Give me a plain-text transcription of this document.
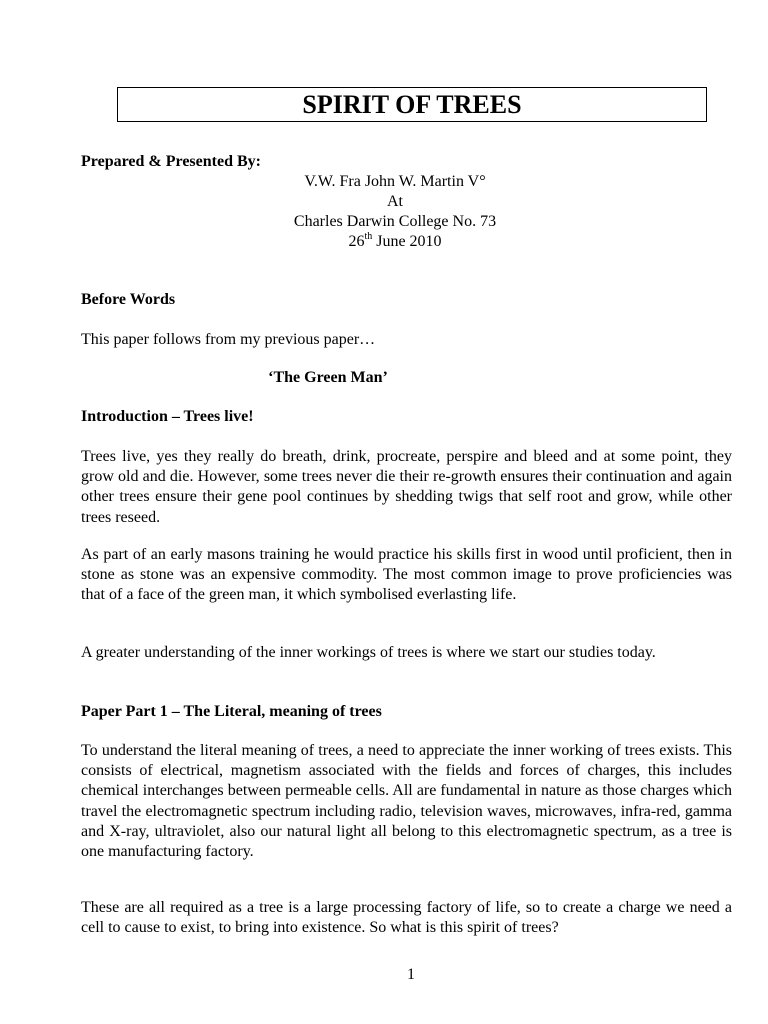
SPIRIT OF TREES
Prepared & Presented By:
V.W. Fra John W. Martin V°
At
Charles Darwin College No. 73
26th June 2010
Before Words
This paper follows from my previous paper…
‘The Green Man’
Introduction – Trees live!
Trees live, yes they really do breath, drink, procreate, perspire and bleed and at some point, they grow old and die. However, some trees never die their re-growth ensures their continuation and again other trees ensure their gene pool continues by shedding twigs that self root and grow, while other trees reseed.
As part of an early masons training he would practice his skills first in wood until proficient, then in stone as stone was an expensive commodity. The most common image to prove proficiencies was that of a face of the green man, it which symbolised everlasting life.
A greater understanding of the inner workings of trees is where we start our studies today.
Paper Part 1 – The Literal, meaning of trees
To understand the literal meaning of trees, a need to appreciate the inner working of trees exists. This consists of electrical, magnetism associated with the fields and forces of charges, this includes chemical interchanges between permeable cells. All are fundamental in nature as those charges which travel the electromagnetic spectrum including radio, television waves, microwaves, infra-red, gamma and X-ray, ultraviolet, also our natural light all belong to this electromagnetic spectrum, as a tree is one manufacturing factory.
These are all required as a tree is a large processing factory of life, so to create a charge we need a cell to cause to exist, to bring into existence. So what is this spirit of trees?
1
